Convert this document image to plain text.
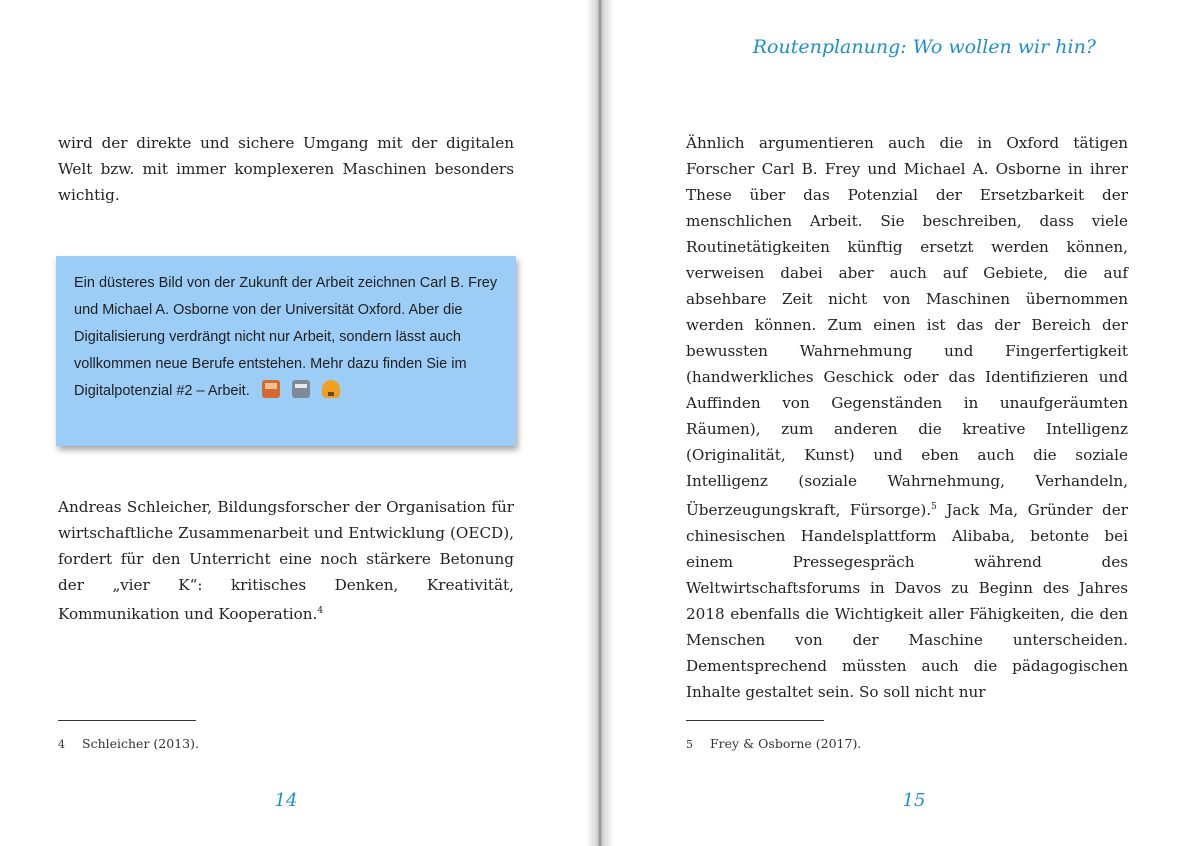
wird der direkte und sichere Umgang mit der digitalen Welt bzw. mit immer komplexeren Maschinen besonders wichtig.

Ein düsteres Bild von der Zukunft der Arbeit zeichnen Carl B. Frey und Michael A. Osborne von der Universität Oxford. Aber die Digitalisierung verdrängt nicht nur Arbeit, sondern lässt auch vollkommen neue Berufe entstehen. Mehr dazu finden Sie im Digitalpotenzial #2 – Arbeit.

Andreas Schleicher, Bildungsforscher der Organisation für wirtschaftliche Zusammenarbeit und Entwicklung (OECD), fordert für den Unterricht eine noch stärkere Betonung der „vier K“: kritisches Denken, Kreativität, Kommunikation und Kooperation.$^4$

4 Schleicher (2013).

14
Routenplanung: Wo wollen wir hin?

Ähnlich argumentieren auch die in Oxford tätigen Forscher Carl B. Frey und Michael A. Osborne in ihrer These über das Potenzial der Ersetzbarkeit der menschlichen Arbeit. Sie beschreiben, dass viele Routinetätigkeiten künftig ersetzt werden können, verweisen dabei aber auch auf Gebiete, die auf absehbare Zeit nicht von Maschinen übernommen werden können. Zum einen ist das der Bereich der bewussten Wahrnehmung und Fingerfertigkeit (handwerkliches Geschick oder das Identifizieren und Auffinden von Gegenständen in unaufgeräumten Räumen), zum anderen die kreative Intelligenz (Originalität, Kunst) und eben auch die soziale Intelligenz (soziale Wahrnehmung, Verhandeln, Überzeugungskraft, Fürsorge).$^5$ Jack Ma, Gründer der chinesischen Handelsplattform Alibaba, betonte bei einem Pressegespräch während des Weltwirtschaftsforums in Davos zu Beginn des Jahres 2018 ebenfalls die Wichtigkeit aller Fähigkeiten, die den Menschen von der Maschine unterscheiden. Dementsprechend müssten auch die pädagogischen Inhalte gestaltet sein. So soll nicht nur

5 Frey & Osborne (2017).

15
